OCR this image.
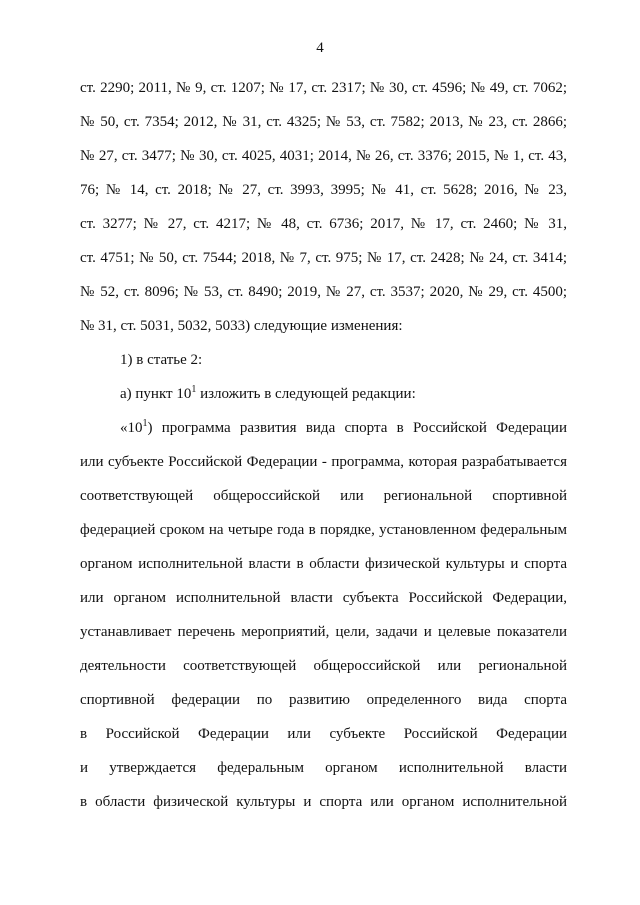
4
ст. 2290; 2011, № 9, ст. 1207; № 17, ст. 2317; № 30, ст. 4596; № 49, ст. 7062;
№ 50, ст. 7354; 2012, № 31, ст. 4325; № 53, ст. 7582; 2013, № 23, ст. 2866;
№ 27, ст. 3477; № 30, ст. 4025, 4031; 2014, № 26, ст. 3376; 2015, № 1, ст. 43,
76; № 14, ст. 2018; № 27, ст. 3993, 3995; № 41, ст. 5628; 2016, № 23,
ст. 3277; № 27, ст. 4217; № 48, ст. 6736; 2017, № 17, ст. 2460; № 31,
ст. 4751; № 50, ст. 7544; 2018, № 7, ст. 975; № 17, ст. 2428; № 24, ст. 3414;
№ 52, ст. 8096; № 53, ст. 8490; 2019, № 27, ст. 3537; 2020, № 29, ст. 4500;
№ 31, ст. 5031, 5032, 5033) следующие изменения:
1) в статье 2:
а) пункт $10^1$ изложить в следующей редакции:
«$10^1$) программа развития вида спорта в Российской Федерации
или субъекте Российской Федерации - программа, которая разрабатывается
соответствующей общероссийской или региональной спортивной
федерацией сроком на четыре года в порядке, установленном федеральным
органом исполнительной власти в области физической культуры и спорта
или органом исполнительной власти субъекта Российской Федерации,
устанавливает перечень мероприятий, цели, задачи и целевые показатели
деятельности соответствующей общероссийской или региональной
спортивной федерации по развитию определенного вида спорта
в Российской Федерации или субъекте Российской Федерации
и утверждается федеральным органом исполнительной власти
в области физической культуры и спорта или органом исполнительной
